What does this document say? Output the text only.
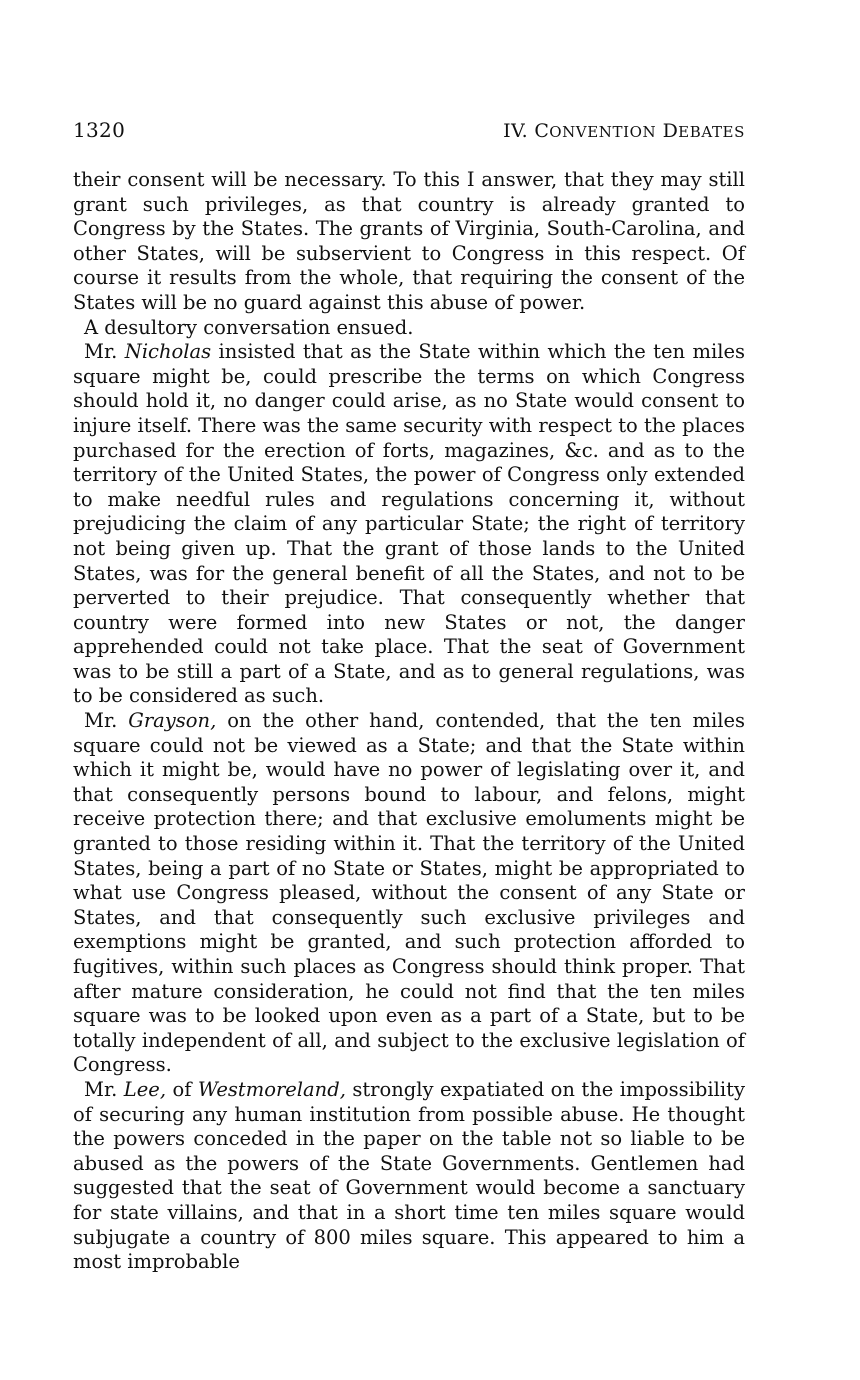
1320	IV. CONVENTION DEBATES

their consent will be necessary. To this I answer, that they may still grant such privileges, as that country is already granted to Congress by the States. The grants of Virginia, South-Carolina, and other States, will be subservient to Congress in this respect. Of course it results from the whole, that requiring the consent of the States will be no guard against this abuse of power.

A desultory conversation ensued.

Mr. Nicholas insisted that as the State within which the ten miles square might be, could prescribe the terms on which Congress should hold it, no danger could arise, as no State would consent to injure itself. There was the same security with respect to the places purchased for the erection of forts, magazines, &c. and as to the territory of the United States, the power of Congress only extended to make needful rules and regulations concerning it, without prejudicing the claim of any particular State; the right of territory not being given up. That the grant of those lands to the United States, was for the general benefit of all the States, and not to be perverted to their prejudice. That consequently whether that country were formed into new States or not, the danger apprehended could not take place. That the seat of Government was to be still a part of a State, and as to general regulations, was to be considered as such.

Mr. Grayson, on the other hand, contended, that the ten miles square could not be viewed as a State; and that the State within which it might be, would have no power of legislating over it, and that consequently persons bound to labour, and felons, might receive protection there; and that exclusive emoluments might be granted to those residing within it. That the territory of the United States, being a part of no State or States, might be appropriated to what use Congress pleased, without the consent of any State or States, and that consequently such exclusive privileges and exemptions might be granted, and such protection afforded to fugitives, within such places as Congress should think proper. That after mature consideration, he could not find that the ten miles square was to be looked upon even as a part of a State, but to be totally independent of all, and subject to the exclusive legislation of Congress.

Mr. Lee, of Westmoreland, strongly expatiated on the impossibility of securing any human institution from possible abuse. He thought the powers conceded in the paper on the table not so liable to be abused as the powers of the State Governments. Gentlemen had suggested that the seat of Government would become a sanctuary for state villains, and that in a short time ten miles square would subjugate a country of 800 miles square. This appeared to him a most improbable
